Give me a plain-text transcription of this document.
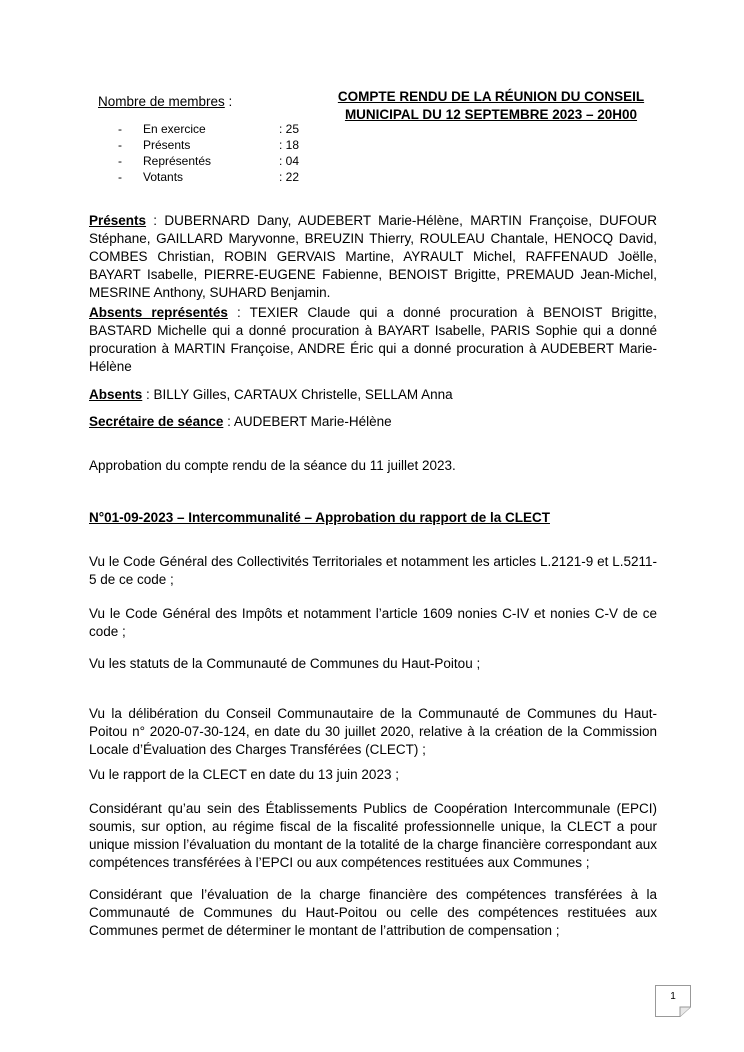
Nombre de membres :
-	En exercice	: 25
-	Présents	: 18
-	Représentés	: 04
-	Votants	: 22
COMPTE RENDU DE LA RÉUNION DU CONSEIL
MUNICIPAL DU 12 SEPTEMBRE 2023 – 20H00
Présents : DUBERNARD Dany, AUDEBERT Marie-Hélène, MARTIN Françoise, DUFOUR Stéphane, GAILLARD Maryvonne, BREUZIN Thierry, ROULEAU Chantale, HENOCQ David, COMBES Christian, ROBIN GERVAIS Martine, AYRAULT Michel, RAFFENAUD Joëlle, BAYART Isabelle, PIERRE-EUGENE Fabienne, BENOIST Brigitte, PREMAUD Jean-Michel, MESRINE Anthony, SUHARD Benjamin.
Absents représentés : TEXIER Claude qui a donné procuration à BENOIST Brigitte, BASTARD Michelle qui a donné procuration à BAYART Isabelle, PARIS Sophie qui a donné procuration à MARTIN Françoise, ANDRE Éric qui a donné procuration à AUDEBERT Marie-Hélène
Absents : BILLY Gilles, CARTAUX Christelle, SELLAM Anna
Secrétaire de séance : AUDEBERT Marie-Hélène
Approbation du compte rendu de la séance du 11 juillet 2023.
N°01-09-2023 – Intercommunalité – Approbation du rapport de la CLECT
Vu le Code Général des Collectivités Territoriales et notamment les articles L.2121-9 et L.5211-5 de ce code ;
Vu le Code Général des Impôts et notamment l’article 1609 nonies C-IV et nonies C-V de ce code ;
Vu les statuts de la Communauté de Communes du Haut-Poitou ;
Vu la délibération du Conseil Communautaire de la Communauté de Communes du Haut-Poitou n° 2020-07-30-124, en date du 30 juillet 2020, relative à la création de la Commission Locale d’Évaluation des Charges Transférées (CLECT) ;
Vu le rapport de la CLECT en date du 13 juin 2023 ;
Considérant qu’au sein des Établissements Publics de Coopération Intercommunale (EPCI) soumis, sur option, au régime fiscal de la fiscalité professionnelle unique, la CLECT a pour unique mission l’évaluation du montant de la totalité de la charge financière correspondant aux compétences transférées à l’EPCI ou aux compétences restituées aux Communes ;
Considérant que l’évaluation de la charge financière des compétences transférées à la Communauté de Communes du Haut-Poitou ou celle des compétences restituées aux Communes permet de déterminer le montant de l’attribution de compensation ;
1
